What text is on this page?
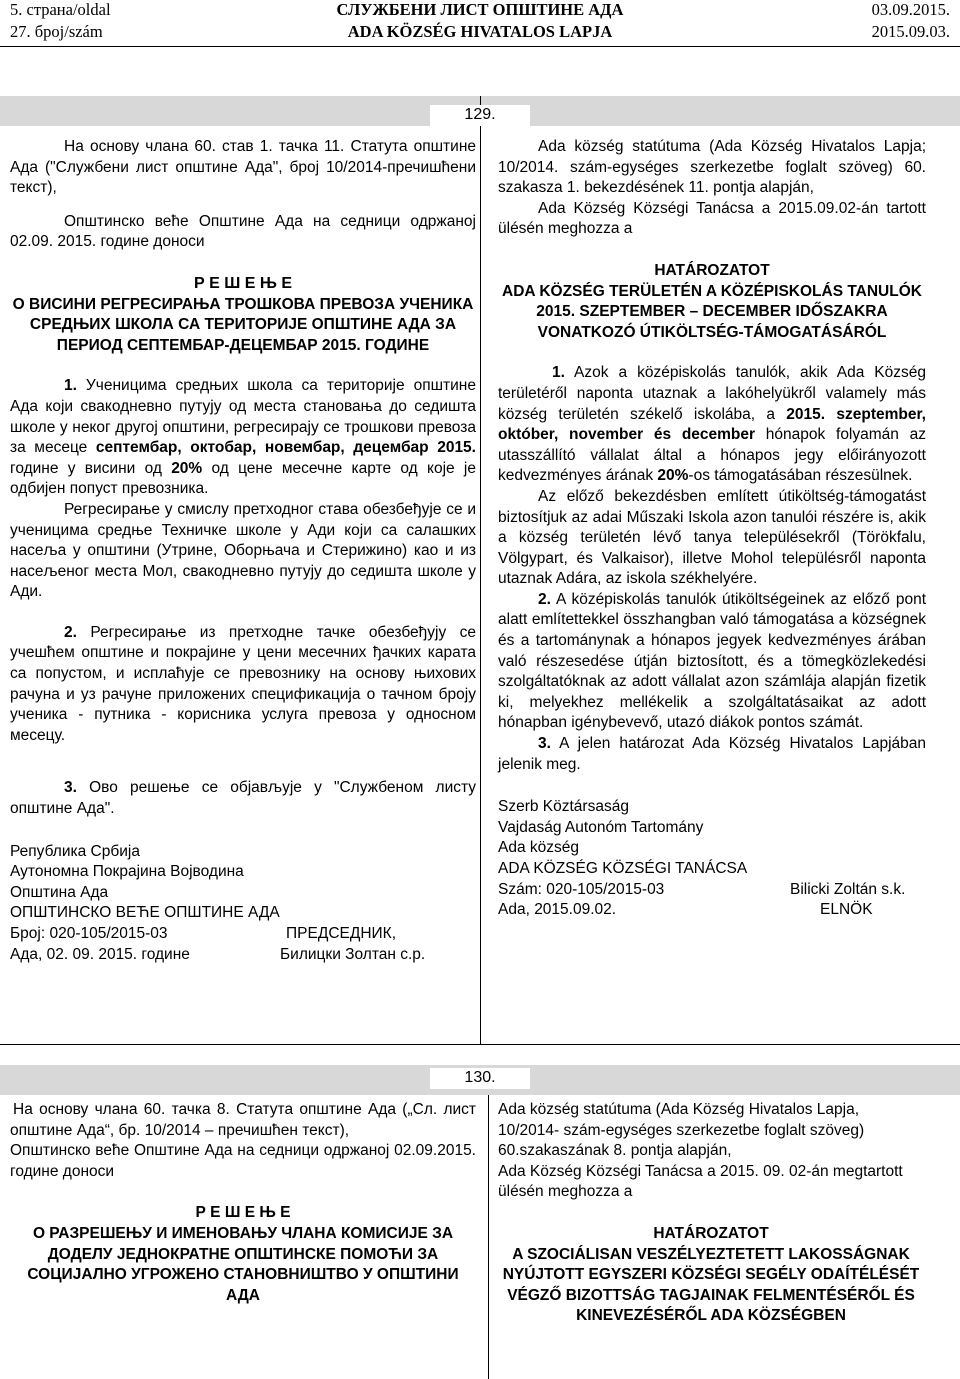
5. страна/oldal
27. број/szám
СЛУЖБЕНИ ЛИСТ ОПШТИНЕ АДА
ADA KÖZSÉG HIVATALOS LAPJA
03.09.2015.
2015.09.03.
129.

На основу члана 60. став 1. тачка 11. Статута општине Ада ("Службени лист општине Ада", број 10/2014-пречишћени текст),

Општинско веће Општине Ада на седници одржаној 02.09. 2015. године доноси

Р Е Ш Е Њ Е

О ВИСИНИ РЕГРЕСИРАЊА ТРОШКОВА ПРЕВОЗА УЧЕНИКА СРЕДЊИХ ШКОЛА СА ТЕРИТОРИЈЕ ОПШТИНЕ АДА ЗА ПЕРИОД СЕПТЕМБАР-ДЕЦЕМБАР 2015. ГОДИНЕ

1. Ученицима средњих школа са територије општине Ада који свакодневно путују од места становања до седишта школе у неког другој општини, регресирају се трошкови превоза за месеце септембар, октобар, новембар, децембар 2015. године у висини од 20% од цене месечне карте од које је одбијен попуст превозника.

Регресирање у смислу претходног става обезбеђује се и ученицима средње Техничке школе у Ади који са салашких насеља у општини (Утрине, Оборњача и Стерижино) као и из насељеног места Мол, свакодневно путују до седишта школе у Ади.

2. Регресирање из претходне тачке обезбеђују се учешћем општине и покрајине у цени месечних ђачких карата са попустом, и исплаћује се превознику на основу њихових рачуна и уз рачуне приложених спецификација о тачном броју ученика - путника - корисника услуга превоза у односном месецу.

3. Ово решење се објављује у "Службеном листу општине Ада".

Република Србија

Аутономна Покрајина Војводина

Општина Ада

ОПШТИНСКО ВЕЋЕ ОПШТИНЕ АДА

Број: 020-105/2015-03	ПРЕДСЕДНИК,
Ада, 02. 09. 2015. године	Билицки Золтан с.р.

Ada község statútuma (Ada Község Hivatalos Lapja; 10/2014. szám-egységes szerkezetbe foglalt szöveg) 60. szakasza 1. bekezdésének 11. pontja alapján,

Ada Község Községi Tanácsa a 2015.09.02-án tartott ülésén meghozza a

HATÁROZATOT

ADA KÖZSÉG TERÜLETÉN A KÖZÉPISKOLÁS TANULÓK 2015. SZEPTEMBER – DECEMBER IDŐSZAKRA VONATKOZÓ ÚTIKÖLTSÉG-TÁMOGATÁSÁRÓL

1. Azok a középiskolás tanulók, akik Ada Község területéről naponta utaznak a lakóhelyükről valamely más község területén székelő iskolába, a 2015. szeptember, október, november és december hónapok folyamán az utasszállító vállalat által a hónapos jegy előirányozott kedvezményes árának 20%-os támogatásában részesülnek.

Az előző bekezdésben említett útiköltség-támogatást biztosítjuk az adai Műszaki Iskola azon tanulói részére is, akik a község területén lévő tanya településekről (Törökfalu, Völgypart, és Valkaisor), illetve Mohol településről naponta utaznak Adára, az iskola székhelyére.

2. A középiskolás tanulók útiköltségeinek az előző pont alatt említettekkel összhangban való támogatása a községnek és a tartománynak a hónapos jegyek kedvezményes árában való részesedése útján biztosított, és a tömegközlekedési szolgáltatóknak az adott vállalat azon számlája alapján fizetik ki, melyekhez mellékelik a szolgáltatásaikat az adott hónapban igénybevevő, utazó diákok pontos számát.

3. A jelen határozat Ada Község Hivatalos Lapjában jelenik meg.

Szerb Köztársaság

Vajdaság Autonóm Tartomány

Ada község

ADA KÖZSÉG KÖZSÉGI TANÁCSA

Szám: 020-105/2015-03	Bilicki Zoltán s.k.
Ada, 2015.09.02.	ELNÖK
130.

На основу члана 60. тачка 8. Статута општине Ада („Сл. лист општине Ада“, бр. 10/2014 – пречишћен текст),

Општинско веће Општине Ада на седници одржаној 02.09.2015. године доноси

Р Е Ш Е Њ Е

О РАЗРЕШЕЊУ И ИМЕНОВАЊУ ЧЛАНА КОМИСИЈЕ ЗА ДОДЕЛУ ЈЕДНОКРАТНЕ ОПШТИНСКЕ ПОМОЋИ ЗА СОЦИЈАЛНО УГРОЖЕНО СТАНОВНИШТВО У ОПШТИНИ АДА

Ada község statútuma (Ada Község Hivatalos Lapja, 10/2014- szám-egységes szerkezetbe foglalt szöveg) 60.szakaszának 8. pontja alapján,

Ada Község Községi Tanácsa a 2015. 09. 02-án megtartott ülésén meghozza a

HATÁROZATOT

A SZOCIÁLISAN VESZÉLYEZTETETT LAKOSSÁGNAK NYÚJTOTT EGYSZERI KÖZSÉGI SEGÉLY ODAÍTÉLÉSÉT VÉGZŐ BIZOTTSÁG TAGJAINAK FELMENTÉSÉRŐL ÉS KINEVEZÉSÉRŐL ADA KÖZSÉGBEN
